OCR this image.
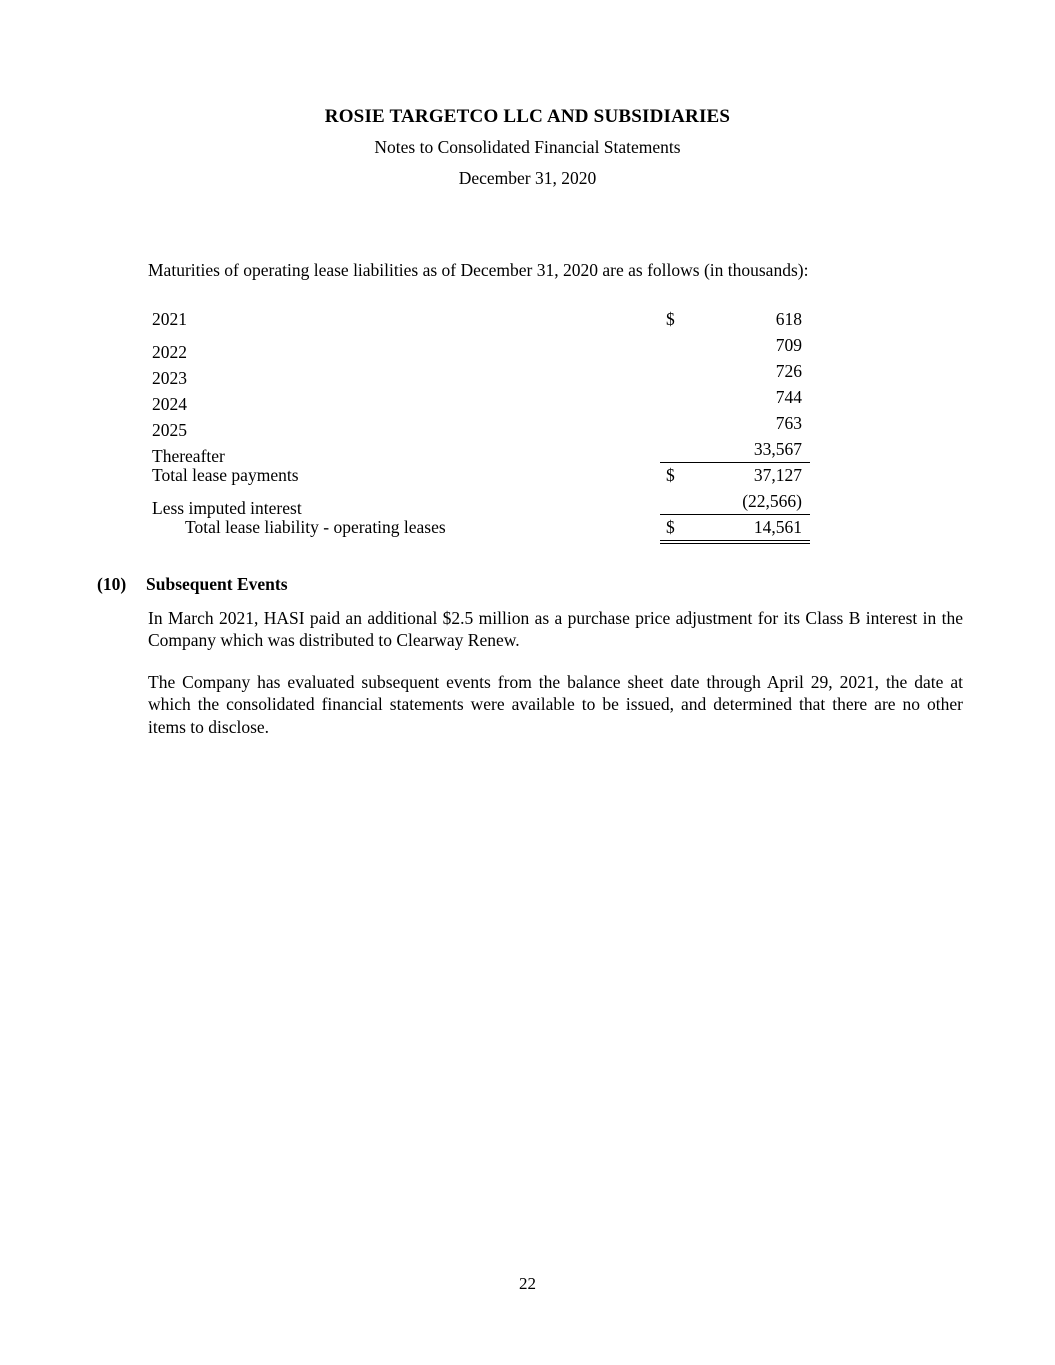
ROSIE TARGETCO LLC AND SUBSIDIARIES
Notes to Consolidated Financial Statements
December 31, 2020
Maturities of operating lease liabilities as of December 31, 2020 are as follows (in thousands):
2021	$	618
2022	709
2023	726
2024	744
2025	763
Thereafter	33,567
Total lease payments	$	37,127
Less imputed interest	(22,566)
Total lease liability - operating leases	$	14,561
(10)	Subsequent Events
In March 2021, HASI paid an additional $2.5 million as a purchase price adjustment for its Class B interest in the Company which was distributed to Clearway Renew.
The Company has evaluated subsequent events from the balance sheet date through April 29, 2021, the date at which the consolidated financial statements were available to be issued, and determined that there are no other items to disclose.
22
